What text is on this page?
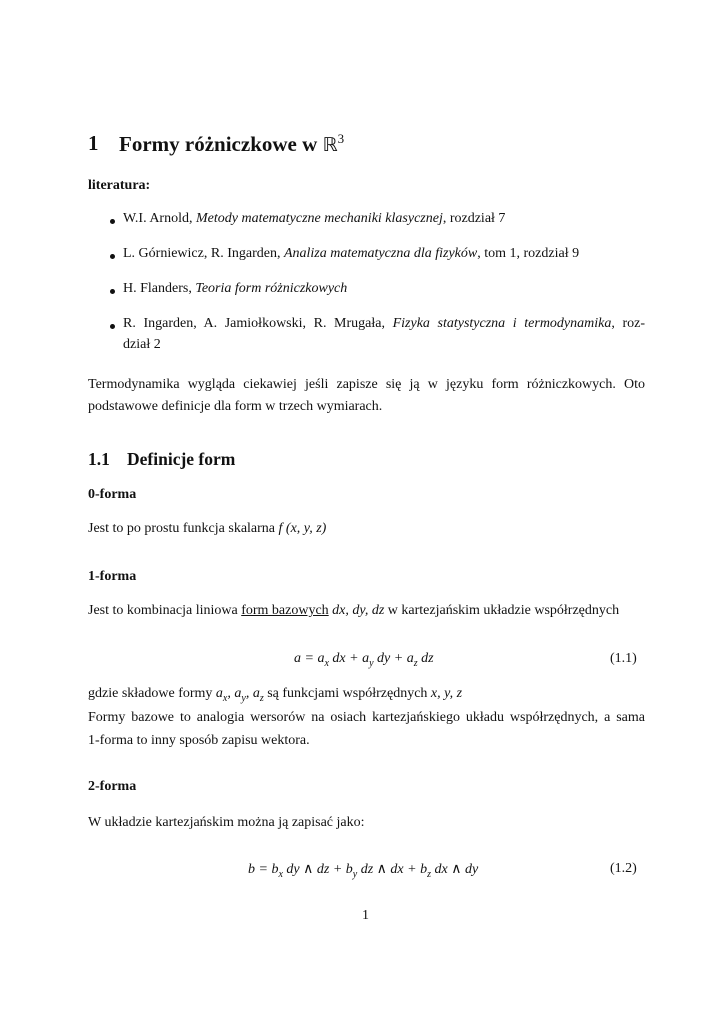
1 Formy różniczkowe w ℝ$^3$
literatura:
W.I. Arnold, Metody matematyczne mechaniki klasycznej, rozdział 7
L. Górniewicz, R. Ingarden, Analiza matematyczna dla fizyków, tom 1, rozdział 9
H. Flanders, Teoria form różniczkowych
R. Ingarden, A. Jamiołkowski, R. Mrugała, Fizyka statystyczna i termodynamika, roz-
dział 2
Termodynamika wygląda ciekawiej jeśli zapisze się ją w języku form różniczkowych. Oto
podstawowe definicje dla form w trzech wymiarach.
1.1 Definicje form
0-forma
Jest to po prostu funkcja skalarna f (x, y, z)
1-forma
Jest to kombinacja liniowa form bazowych dx, dy, dz w kartezjańskim układzie współrzędnych
$a = a_x$ dx + $a_y$ dy + $a_z$ dz	(1.1)
gdzie składowe formy $a_x$, $a_y$, $a_z$ są funkcjami współrzędnych x, y, z
Formy bazowe to analogia wersorów na osiach kartezjańskiego układu współrzędnych, a sama
1-forma to inny sposób zapisu wektora.
2-forma
W układzie kartezjańskim można ją zapisać jako:
$b = b_x$ dy ∧ dz + $b_y$ dz ∧ dx + $b_z$ dx ∧ dy	(1.2)
1
